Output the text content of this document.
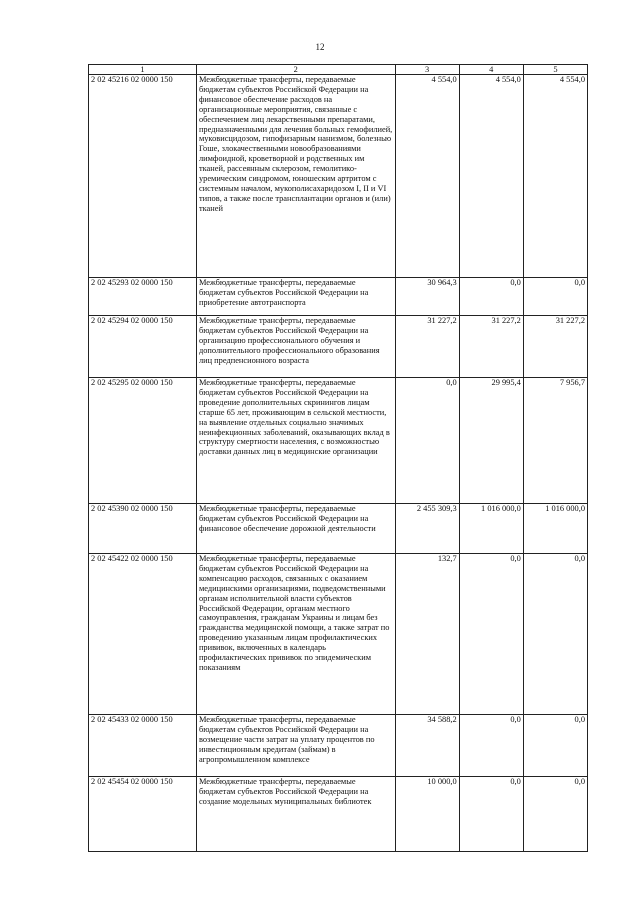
12
1	2	3	4	5
2 02 45216 02 0000 150	Межбюджетные трансферты, передаваемые бюджетам субъектов Российской Федерации на финансовое обеспечение расходов на организационные мероприятия, связанные с обеспечением лиц лекарственными препаратами, предназначенными для лечения больных гемофилией, муковисцидозом, гипофизарным нанизмом, болезнью Гоше, злокачественными новообразованиями лимфоидной, кроветворной и родственных им тканей, рассеянным склерозом, гемолитико-уремическим синдромом, юношеским артритом с системным началом, мукополисахаридозом I, II и VI типов, а также после трансплантации органов и (или) тканей	4 554,0	4 554,0	4 554,0
2 02 45293 02 0000 150	Межбюджетные трансферты, передаваемые бюджетам субъектов Российской Федерации на приобретение автотранспорта	30 964,3	0,0	0,0
2 02 45294 02 0000 150	Межбюджетные трансферты, передаваемые бюджетам субъектов Российской Федерации на организацию профессионального обучения и дополнительного профессионального образования лиц предпенсионного возраста	31 227,2	31 227,2	31 227,2
2 02 45295 02 0000 150	Межбюджетные трансферты, передаваемые бюджетам субъектов Российской Федерации на проведение дополнительных скринингов лицам старше 65 лет, проживающим в сельской местности, на выявление отдельных социально значимых неинфекционных заболеваний, оказывающих вклад в структуру смертности населения, с возможностью доставки данных лиц в медицинские организации	0,0	29 995,4	7 956,7
2 02 45390 02 0000 150	Межбюджетные трансферты, передаваемые бюджетам субъектов Российской Федерации на финансовое обеспечение дорожной деятельности	2 455 309,3	1 016 000,0	1 016 000,0
2 02 45422 02 0000 150	Межбюджетные трансферты, передаваемые бюджетам субъектов Российской Федерации на компенсацию расходов, связанных с оказанием медицинскими организациями, подведомственными органам исполнительной власти субъектов Российской Федерации, органам местного самоуправления, гражданам Украины и лицам без гражданства медицинской помощи, а также затрат по проведению указанным лицам профилактических прививок, включенных в календарь профилактических прививок по эпидемическим показаниям	132,7	0,0	0,0
2 02 45433 02 0000 150	Межбюджетные трансферты, передаваемые бюджетам субъектов Российской Федерации на возмещение части затрат на уплату процентов по инвестиционным кредитам (займам) в агропромышленном комплексе	34 588,2	0,0	0,0
2 02 45454 02 0000 150	Межбюджетные трансферты, передаваемые бюджетам субъектов Российской Федерации на создание модельных муниципальных библиотек	10 000,0	0,0	0,0
